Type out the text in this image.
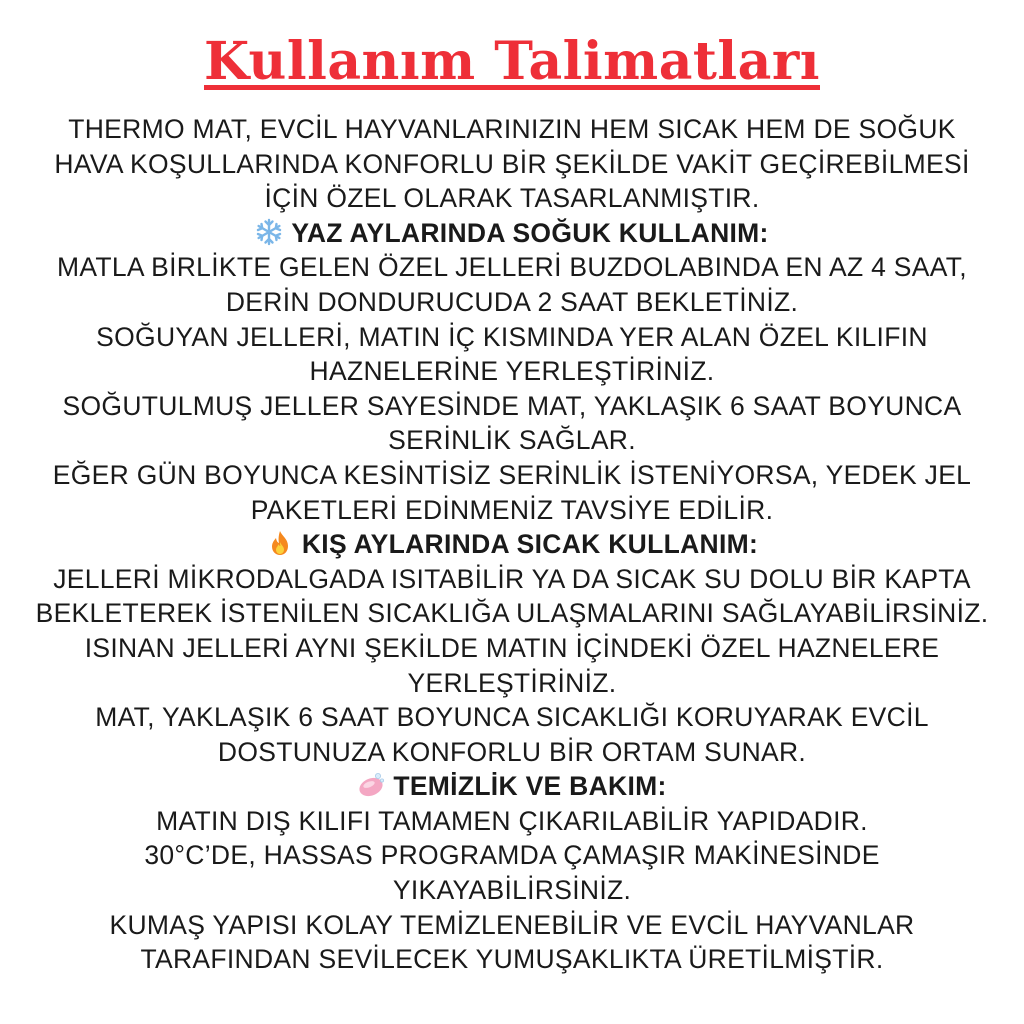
Kullanım Talimatları
THERMO MAT, EVCİL HAYVANLARINIZIN HEM SICAK HEM DE SOĞUK
HAVA KOŞULLARINDA KONFORLU BİR ŞEKİLDE VAKİT GEÇİREBİLMESİ
İÇİN ÖZEL OLARAK TASARLANMIŞTIR.
YAZ AYLARINDA SOĞUK KULLANIM:
MATLA BİRLİKTE GELEN ÖZEL JELLERİ BUZDOLABINDA EN AZ 4 SAAT,
DERİN DONDURUCUDA 2 SAAT BEKLETİNİZ.
SOĞUYAN JELLERİ, MATIN İÇ KISMINDA YER ALAN ÖZEL KILIFIN
HAZNELERİNE YERLEŞTİRİNİZ.
SOĞUTULMUŞ JELLER SAYESİNDE MAT, YAKLAŞIK 6 SAAT BOYUNCA
SERİNLİK SAĞLAR.
EĞER GÜN BOYUNCA KESİNTİSİZ SERİNLİK İSTENİYORSA, YEDEK JEL
PAKETLERİ EDİNMENİZ TAVSİYE EDİLİR.
KIŞ AYLARINDA SICAK KULLANIM:
JELLERİ MİKRODALGADA ISITABİLİR YA DA SICAK SU DOLU BİR KAPTA
BEKLETEREK İSTENİLEN SICAKLIĞA ULAŞMALARINI SAĞLAYABİLİRSİNİZ.
ISINAN JELLERİ AYNI ŞEKİLDE MATIN İÇİNDEKİ ÖZEL HAZNELERE
YERLEŞTİRİNİZ.
MAT, YAKLAŞIK 6 SAAT BOYUNCA SICAKLIĞI KORUYARAK EVCİL
DOSTUNUZA KONFORLU BİR ORTAM SUNAR.
TEMİZLİK VE BAKIM:
MATIN DIŞ KILIFI TAMAMEN ÇIKARILABİLİR YAPIDADIR.
30°C’DE, HASSAS PROGRAMDA ÇAMAŞIR MAKİNESİNDE
YIKAYABİLİRSİNİZ.
KUMAŞ YAPISI KOLAY TEMİZLENEBİLİR VE EVCİL HAYVANLAR
TARAFINDAN SEVİLECEK YUMUŞAKLIKTA ÜRETİLMİŞTİR.
